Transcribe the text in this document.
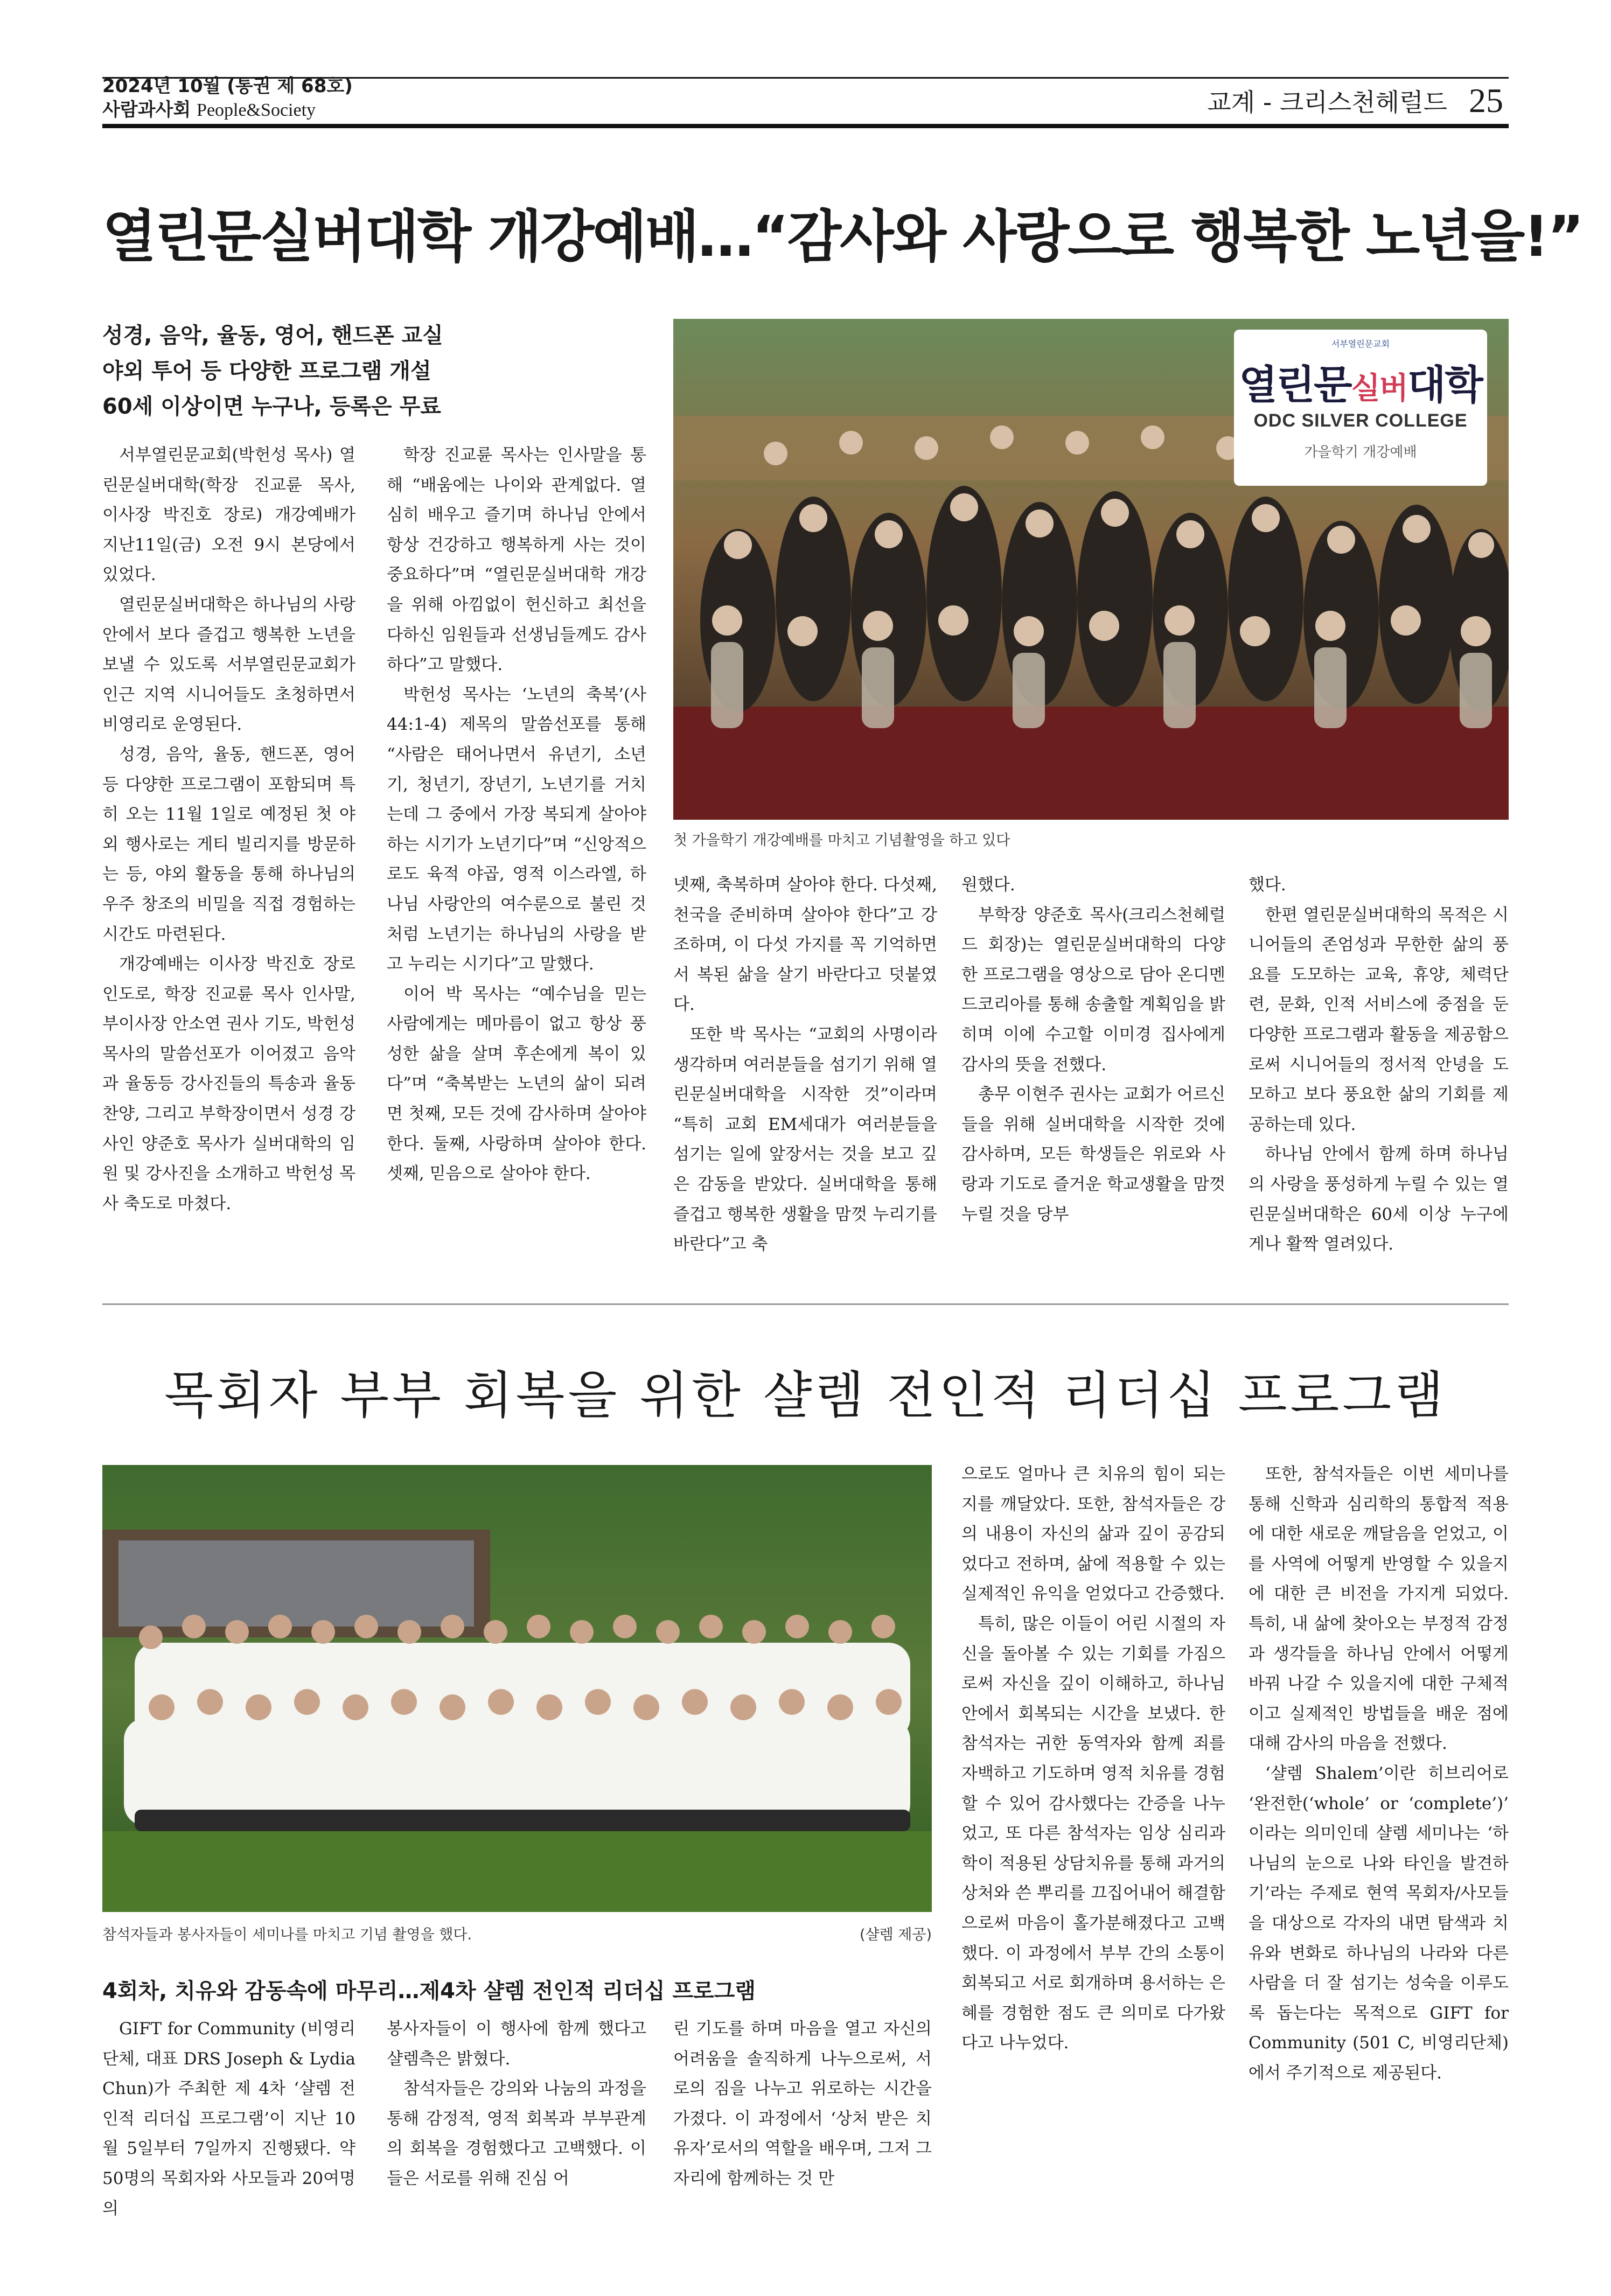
2024년 10월 (통권 제 68호)
사람과사회 People&Society	교계 - 크리스천헤럴드 25
열린문실버대학 개강예배…“감사와 사랑으로 행복한 노년을!”
성경, 음악, 율동, 영어, 핸드폰 교실
야외 투어 등 다양한 프로그램 개설
60세 이상이면 누구나, 등록은 무료
서부열린문교회
열린문실버대학
ODC SILVER COLLEGE
가을학기 개강예배
첫 가을학기 개강예배를 마치고 기념촬영을 하고 있다

서부열린문교회(박헌성 목사) 열린문실버대학(학장 진교륜 목사, 이사장 박진호 장로) 개강예배가 지난11일(금) 오전 9시 본당에서 있었다.

열린문실버대학은 하나님의 사랑 안에서 보다 즐겁고 행복한 노년을 보낼 수 있도록 서부열린문교회가 인근 지역 시니어들도 초청하면서 비영리로 운영된다.

성경, 음악, 율동, 핸드폰, 영어 등 다양한 프로그램이 포함되며 특히 오는 11월 1일로 예정된 첫 야외 행사로는 게티 빌리지를 방문하는 등, 야외 활동을 통해 하나님의 우주 창조의 비밀을 직접 경험하는 시간도 마련된다.

개강예배는 이사장 박진호 장로 인도로, 학장 진교륜 목사 인사말, 부이사장 안소연 권사 기도, 박헌성 목사의 말씀선포가 이어졌고 음악과 율동등 강사진들의 특송과 율동찬양, 그리고 부학장이면서 성경 강사인 양준호 목사가 실버대학의 임원 및 강사진을 소개하고 박헌성 목사 축도로 마쳤다.

학장 진교륜 목사는 인사말을 통해 “배움에는 나이와 관계없다. 열심히 배우고 즐기며 하나님 안에서 항상 건강하고 행복하게 사는 것이 중요하다”며 “열린문실버대학 개강을 위해 아낌없이 헌신하고 최선을 다하신 임원들과 선생님들께도 감사하다”고 말했다.

박헌성 목사는 ‘노년의 축복’(사 44:1-4) 제목의 말씀선포를 통해 “사람은 태어나면서 유년기, 소년기, 청년기, 장년기, 노년기를 거치는데 그 중에서 가장 복되게 살아야 하는 시기가 노년기다”며 “신앙적으로도 육적 야곱, 영적 이스라엘, 하나님 사랑안의 여수룬으로 불린 것처럼 노년기는 하나님의 사랑을 받고 누리는 시기다”고 말했다.

이어 박 목사는 “예수님을 믿는 사람에게는 메마름이 없고 항상 풍성한 삶을 살며 후손에게 복이 있다”며 “축복받는 노년의 삶이 되려면 첫째, 모든 것에 감사하며 살아야 한다. 둘째, 사랑하며 살아야 한다. 셋째, 믿음으로 살아야 한다.

넷째, 축복하며 살아야 한다. 다섯째, 천국을 준비하며 살아야 한다”고 강조하며, 이 다섯 가지를 꼭 기억하면서 복된 삶을 살기 바란다고 덧붙였다.

또한 박 목사는 “교회의 사명이라 생각하며 여러분들을 섬기기 위해 열린문실버대학을 시작한 것”이라며 “특히 교회 EM세대가 여러분들을 섬기는 일에 앞장서는 것을 보고 깊은 감동을 받았다. 실버대학을 통해 즐겁고 행복한 생활을 맘껏 누리기를 바란다”고 축

원했다.

부학장 양준호 목사(크리스천헤럴드 회장)는 열린문실버대학의 다양한 프로그램을 영상으로 담아 온디멘드코리아를 통해 송출할 계획임을 밝히며 이에 수고할 이미경 집사에게 감사의 뜻을 전했다.

총무 이현주 권사는 교회가 어르신들을 위해 실버대학을 시작한 것에 감사하며, 모든 학생들은 위로와 사랑과 기도로 즐거운 학교생활을 맘껏 누릴 것을 당부

했다.

한편 열린문실버대학의 목적은 시니어들의 존엄성과 무한한 삶의 풍요를 도모하는 교육, 휴양, 체력단련, 문화, 인적 서비스에 중점을 둔 다양한 프로그램과 활동을 제공함으로써 시니어들의 정서적 안녕을 도모하고 보다 풍요한 삶의 기회를 제공하는데 있다.

하나님 안에서 함께 하며 하나님의 사랑을 풍성하게 누릴 수 있는 열린문실버대학은 60세 이상 누구에게나 활짝 열려있다.

목회자 부부 회복을 위한 샬렘 전인적 리더십 프로그램
참석자들과 봉사자들이 세미나를 마치고 기념 촬영을 했다.	(샬렘 제공)
4회차, 치유와 감동속에 마무리…제4차 샬렘 전인적 리더십 프로그램

GIFT for Community (비영리단체, 대표 DRS Joseph & Lydia Chun)가 주최한 제 4차 ‘샬렘 전인적 리더십 프로그램’이 지난 10월 5일부터 7일까지 진행됐다. 약 50명의 목회자와 사모들과 20여명의

봉사자들이 이 행사에 함께 했다고 샬렘측은 밝혔다.

참석자들은 강의와 나눔의 과정을 통해 감정적, 영적 회복과 부부관계의 회복을 경험했다고 고백했다. 이들은 서로를 위해 진심 어

린 기도를 하며 마음을 열고 자신의 어려움을 솔직하게 나누으로써, 서로의 짐을 나누고 위로하는 시간을 가졌다. 이 과정에서 ‘상처 받은 치유자’로서의 역할을 배우며, 그저 그 자리에 함께하는 것 만

으로도 얼마나 큰 치유의 힘이 되는지를 깨달았다. 또한, 참석자들은 강의 내용이 자신의 삶과 깊이 공감되었다고 전하며, 삶에 적용할 수 있는 실제적인 유익을 얻었다고 간증했다.

특히, 많은 이들이 어린 시절의 자신을 돌아볼 수 있는 기회를 가짐으로써 자신을 깊이 이해하고, 하나님 안에서 회복되는 시간을 보냈다. 한 참석자는 귀한 동역자와 함께 죄를 자백하고 기도하며 영적 치유를 경험할 수 있어 감사했다는 간증을 나누었고, 또 다른 참석자는 임상 심리과학이 적용된 상담치유를 통해 과거의 상처와 쓴 뿌리를 끄집어내어 해결함으로써 마음이 홀가분해졌다고 고백했다. 이 과정에서 부부 간의 소통이 회복되고 서로 회개하며 용서하는 은혜를 경험한 점도 큰 의미로 다가왔다고 나누었다.

또한, 참석자들은 이번 세미나를 통해 신학과 심리학의 통합적 적용에 대한 새로운 깨달음을 얻었고, 이를 사역에 어떻게 반영할 수 있을지에 대한 큰 비전을 가지게 되었다. 특히, 내 삶에 찾아오는 부정적 감정과 생각들을 하나님 안에서 어떻게 바꿔 나갈 수 있을지에 대한 구체적이고 실제적인 방법들을 배운 점에 대해 감사의 마음을 전했다.

‘샬렘 Shalem’이란 히브리어로 ‘완전한(‘whole’ or ‘complete’)’ 이라는 의미인데 샬렘 세미나는 ‘하나님의 눈으로 나와 타인을 발견하기’라는 주제로 현역 목회자/사모들을 대상으로 각자의 내면 탐색과 치유와 변화로 하나님의 나라와 다른 사람을 더 잘 섬기는 성숙을 이루도록 돕는다는 목적으로 GIFT for Community (501 C, 비영리단체) 에서 주기적으로 제공된다.
